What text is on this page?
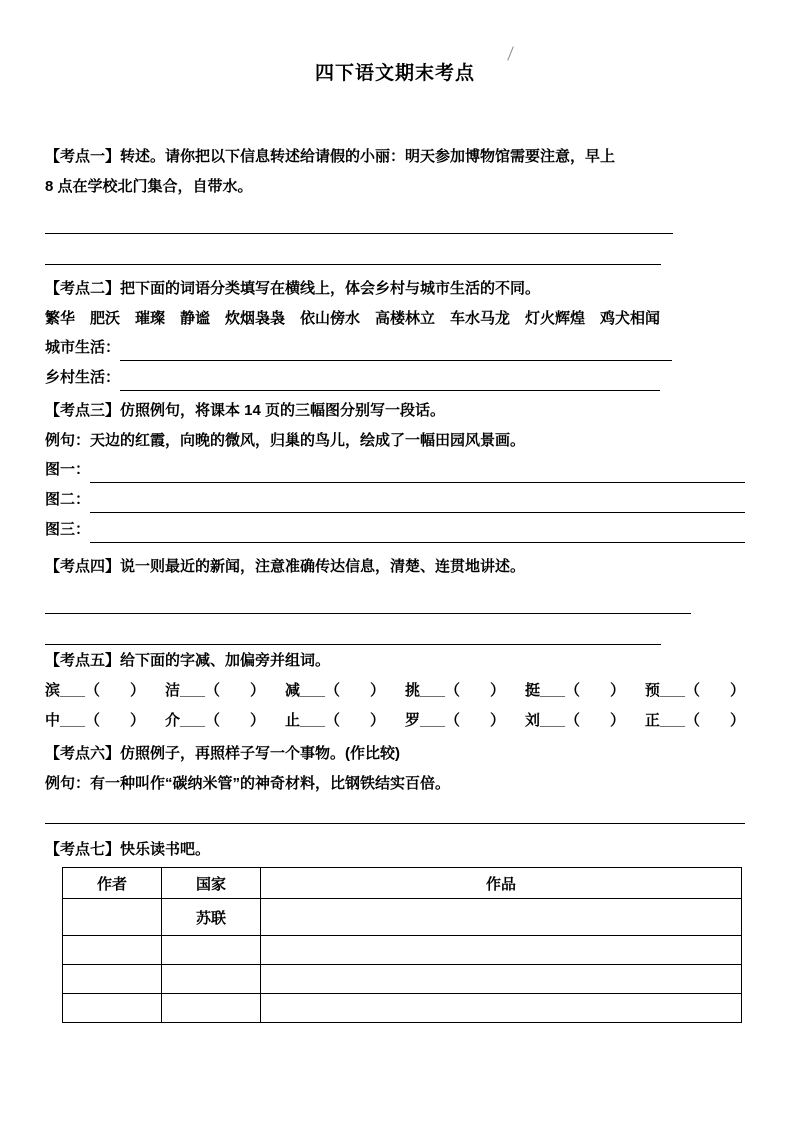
四下语文期末考点
【考点一】转述。请你把以下信息转述给请假的小丽：明天参加博物馆需要注意，早上
8 点在学校北门集合，自带水。
【考点二】把下面的词语分类填写在横线上，体会乡村与城市生活的不同。
繁华　肥沃　璀璨　静谧　炊烟袅袅　依山傍水　高楼林立　车水马龙　灯火辉煌　鸡犬相闻
城市生活：
乡村生活：
【考点三】仿照例句，将课本 14 页的三幅图分别写一段话。
例句：天边的红霞，向晚的微风，归巢的鸟儿，绘成了一幅田园风景画。
图一：
图二：
图三：
【考点四】说一则最近的新闻，注意准确传达信息，清楚、连贯地讲述。
【考点五】给下面的字减、加偏旁并组词。
滨___（　　） 洁___（　　） 减___（　　） 挑___（　　） 挺___（　　） 预___（　　）
中___（　　） 介___（　　） 止___（　　） 罗___（　　） 刘___（　　） 正___（　　）
【考点六】仿照例子，再照样子写一个事物。(作比较)
例句：有一种叫作“碳纳米管”的神奇材料，比钢铁结实百倍。
【考点七】快乐读书吧。
作者	国家	作品
	苏联	
